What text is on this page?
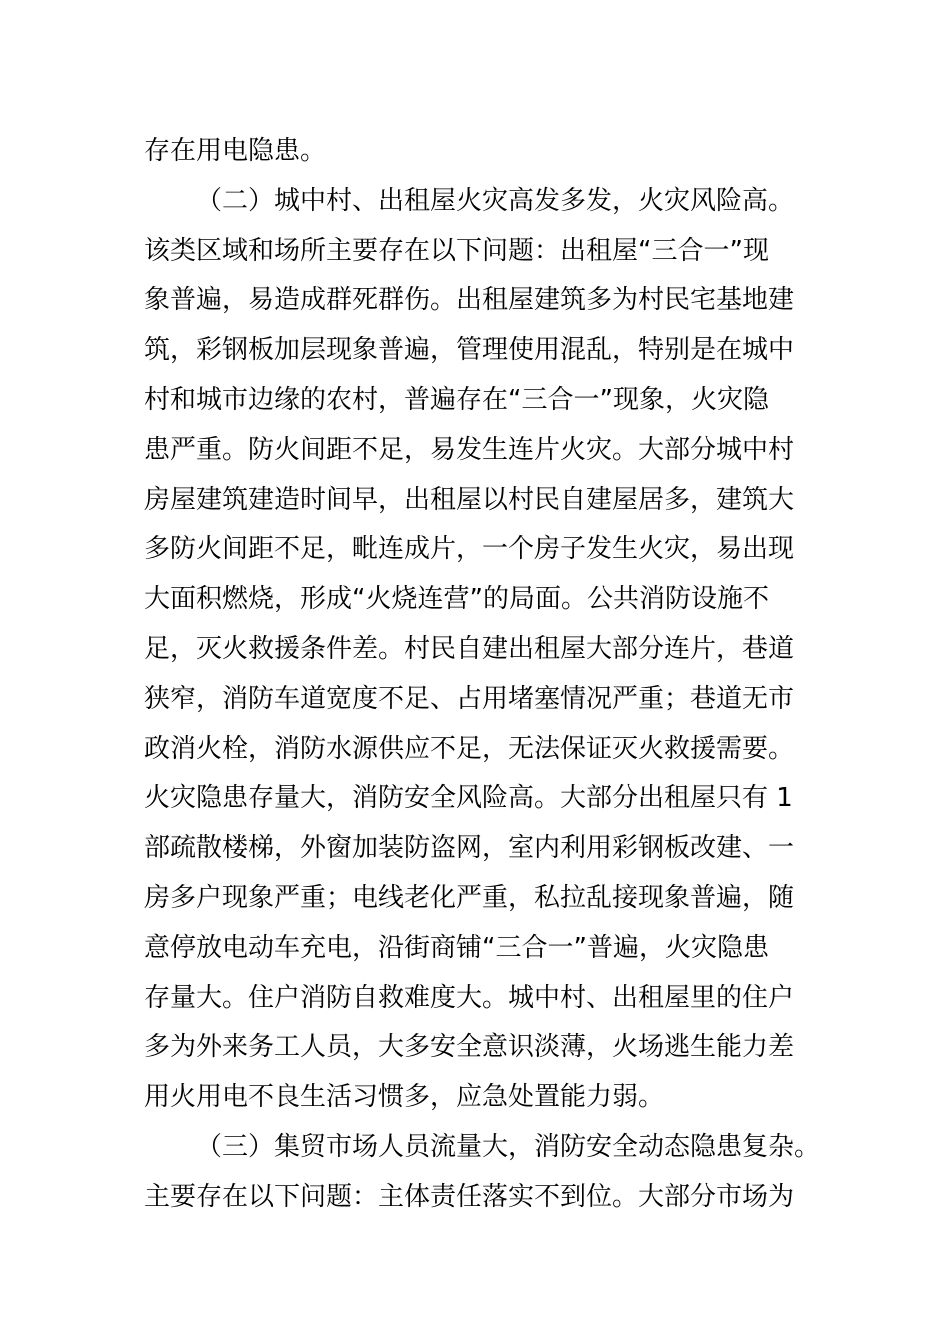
存在用电隐患。
（二）城中村、出租屋火灾高发多发，火灾风险高。
该类区域和场所主要存在以下问题：出租屋“三合一”现
象普遍，易造成群死群伤。出租屋建筑多为村民宅基地建
筑，彩钢板加层现象普遍，管理使用混乱，特别是在城中
村和城市边缘的农村，普遍存在“三合一”现象，火灾隐
患严重。防火间距不足，易发生连片火灾。大部分城中村
房屋建筑建造时间早，出租屋以村民自建屋居多，建筑大
多防火间距不足，毗连成片，一个房子发生火灾，易出现
大面积燃烧，形成“火烧连营”的局面。公共消防设施不
足，灭火救援条件差。村民自建出租屋大部分连片，巷道
狭窄，消防车道宽度不足、占用堵塞情况严重；巷道无市
政消火栓，消防水源供应不足，无法保证灭火救援需要。
火灾隐患存量大，消防安全风险高。大部分出租屋只有 1
部疏散楼梯，外窗加装防盗网，室内利用彩钢板改建、一
房多户现象严重；电线老化严重，私拉乱接现象普遍，随
意停放电动车充电，沿街商铺“三合一”普遍，火灾隐患
存量大。住户消防自救难度大。城中村、出租屋里的住户
多为外来务工人员，大多安全意识淡薄，火场逃生能力差
用火用电不良生活习惯多，应急处置能力弱。
（三）集贸市场人员流量大，消防安全动态隐患复杂。
主要存在以下问题：主体责任落实不到位。大部分市场为
